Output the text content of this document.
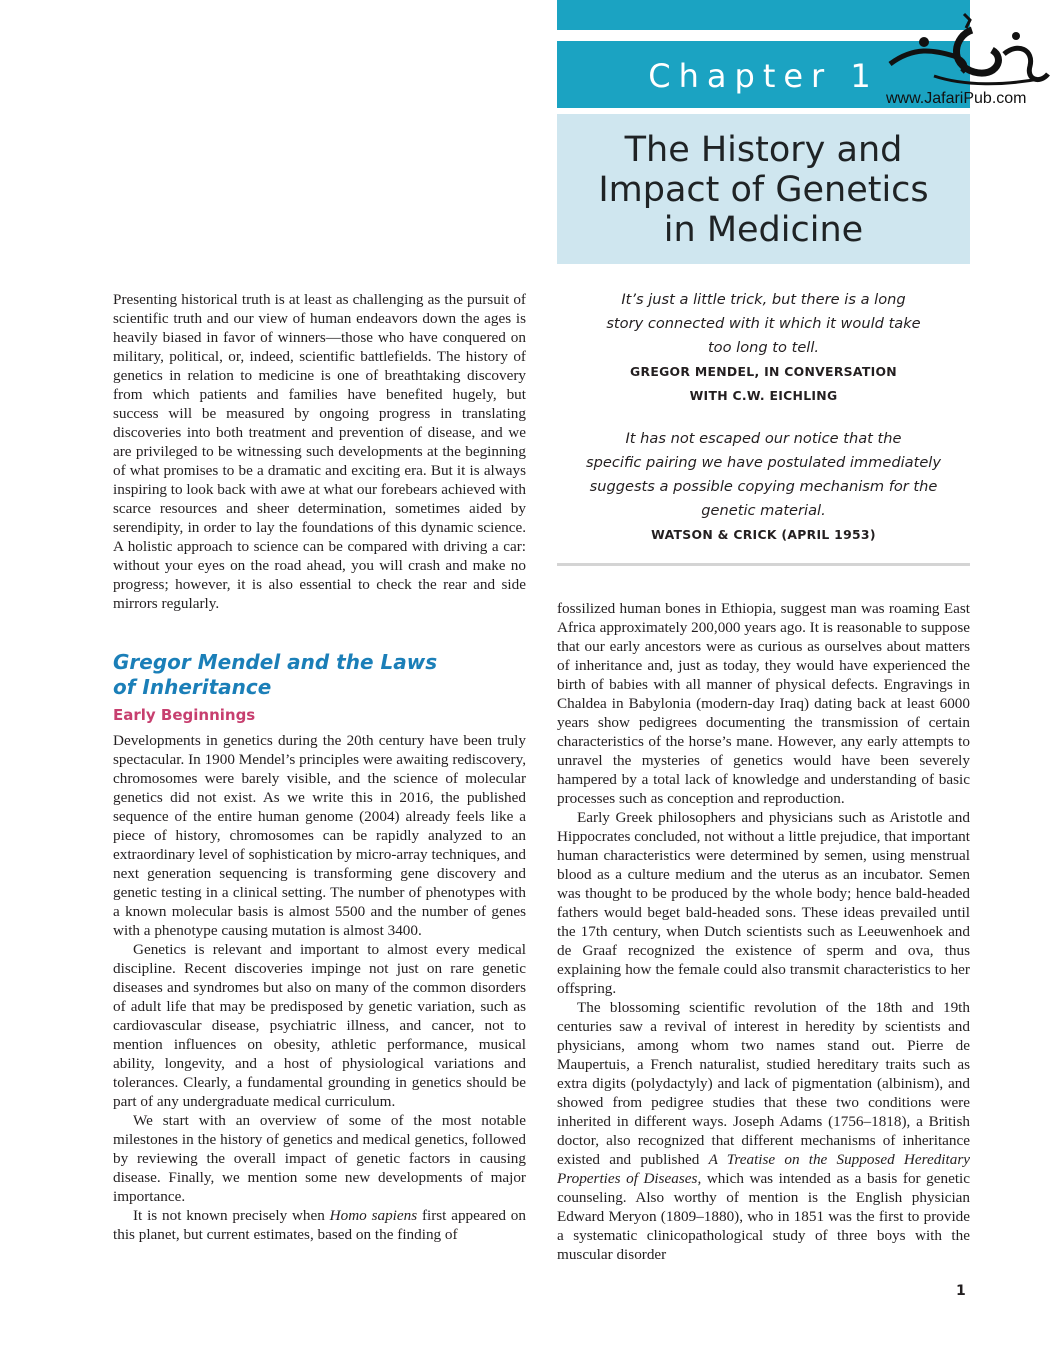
Chapter 1
The History and
Impact of Genetics
in Medicine
www.JafariPub.com
It’s just a little trick, but there is a long
story connected with it which it would take
too long to tell.
GREGOR MENDEL, IN CONVERSATION
WITH C.W. EICHLING
It has not escaped our notice that the
specific pairing we have postulated immediately
suggests a possible copying mechanism for the
genetic material.
WATSON & CRICK (APRIL 1953)

Presenting historical truth is at least as challenging as the pursuit of scientific truth and our view of human endeavors down the ages is heavily biased in favor of winners—those who have conquered on military, political, or, indeed, scientific battlefields. The history of genetics in relation to medicine is one of breathtaking discovery from which patients and families have benefited hugely, but success will be measured by ongoing progress in translating discoveries into both treatment and prevention of disease, and we are privileged to be witnessing such developments at the beginning of what promises to be a dramatic and exciting era. But it is always inspiring to look back with awe at what our forebears achieved with scarce resources and sheer determination, sometimes aided by serendipity, in order to lay the foundations of this dynamic science. A holistic approach to science can be compared with driving a car: without your eyes on the road ahead, you will crash and make no progress; however, it is also essential to check the rear and side mirrors regularly.

Gregor Mendel and the Laws
of Inheritance
Early Beginnings

Developments in genetics during the 20th century have been truly spectacular. In 1900 Mendel’s principles were awaiting rediscovery, chromosomes were barely visible, and the science of molecular genetics did not exist. As we write this in 2016, the published sequence of the entire human genome (2004) already feels like a piece of history, chromosomes can be rapidly analyzed to an extraordinary level of sophistication by micro-array techniques, and next generation sequencing is transforming gene discovery and genetic testing in a clinical setting. The number of phenotypes with a known molecular basis is almost 5500 and the number of genes with a phenotype causing mutation is almost 3400.

Genetics is relevant and important to almost every medical discipline. Recent discoveries impinge not just on rare genetic diseases and syndromes but also on many of the common disorders of adult life that may be predisposed by genetic variation, such as cardiovascular disease, psychiatric illness, and cancer, not to mention influences on obesity, athletic performance, musical ability, longevity, and a host of physiological variations and tolerances. Clearly, a fundamental grounding in genetics should be part of any undergraduate medical curriculum.

We start with an overview of some of the most notable milestones in the history of genetics and medical genetics, followed by reviewing the overall impact of genetic factors in causing disease. Finally, we mention some new developments of major importance.

It is not known precisely when Homo sapiens first appeared on this planet, but current estimates, based on the finding of

fossilized human bones in Ethiopia, suggest man was roaming East Africa approximately 200,000 years ago. It is reasonable to suppose that our early ancestors were as curious as ourselves about matters of inheritance and, just as today, they would have experienced the birth of babies with all manner of physical defects. Engravings in Chaldea in Babylonia (modern-day Iraq) dating back at least 6000 years show pedigrees documenting the transmission of certain characteristics of the horse’s mane. However, any early attempts to unravel the mysteries of genetics would have been severely hampered by a total lack of knowledge and understanding of basic processes such as conception and reproduction.

Early Greek philosophers and physicians such as Aristotle and Hippocrates concluded, not without a little prejudice, that important human characteristics were determined by semen, using menstrual blood as a culture medium and the uterus as an incubator. Semen was thought to be produced by the whole body; hence bald-headed fathers would beget bald-headed sons. These ideas prevailed until the 17th century, when Dutch scientists such as Leeuwenhoek and de Graaf recognized the existence of sperm and ova, thus explaining how the female could also transmit characteristics to her offspring.

The blossoming scientific revolution of the 18th and 19th centuries saw a revival of interest in heredity by scientists and physicians, among whom two names stand out. Pierre de Maupertuis, a French naturalist, studied hereditary traits such as extra digits (polydactyly) and lack of pigmentation (albinism), and showed from pedigree studies that these two conditions were inherited in different ways. Joseph Adams (1756–1818), a British doctor, also recognized that different mechanisms of inheritance existed and published A Treatise on the Supposed Hereditary Properties of Diseases, which was intended as a basis for genetic counseling. Also worthy of mention is the English physician Edward Meryon (1809–1880), who in 1851 was the first to provide a systematic clinicopathological study of three boys with the muscular disorder

1
